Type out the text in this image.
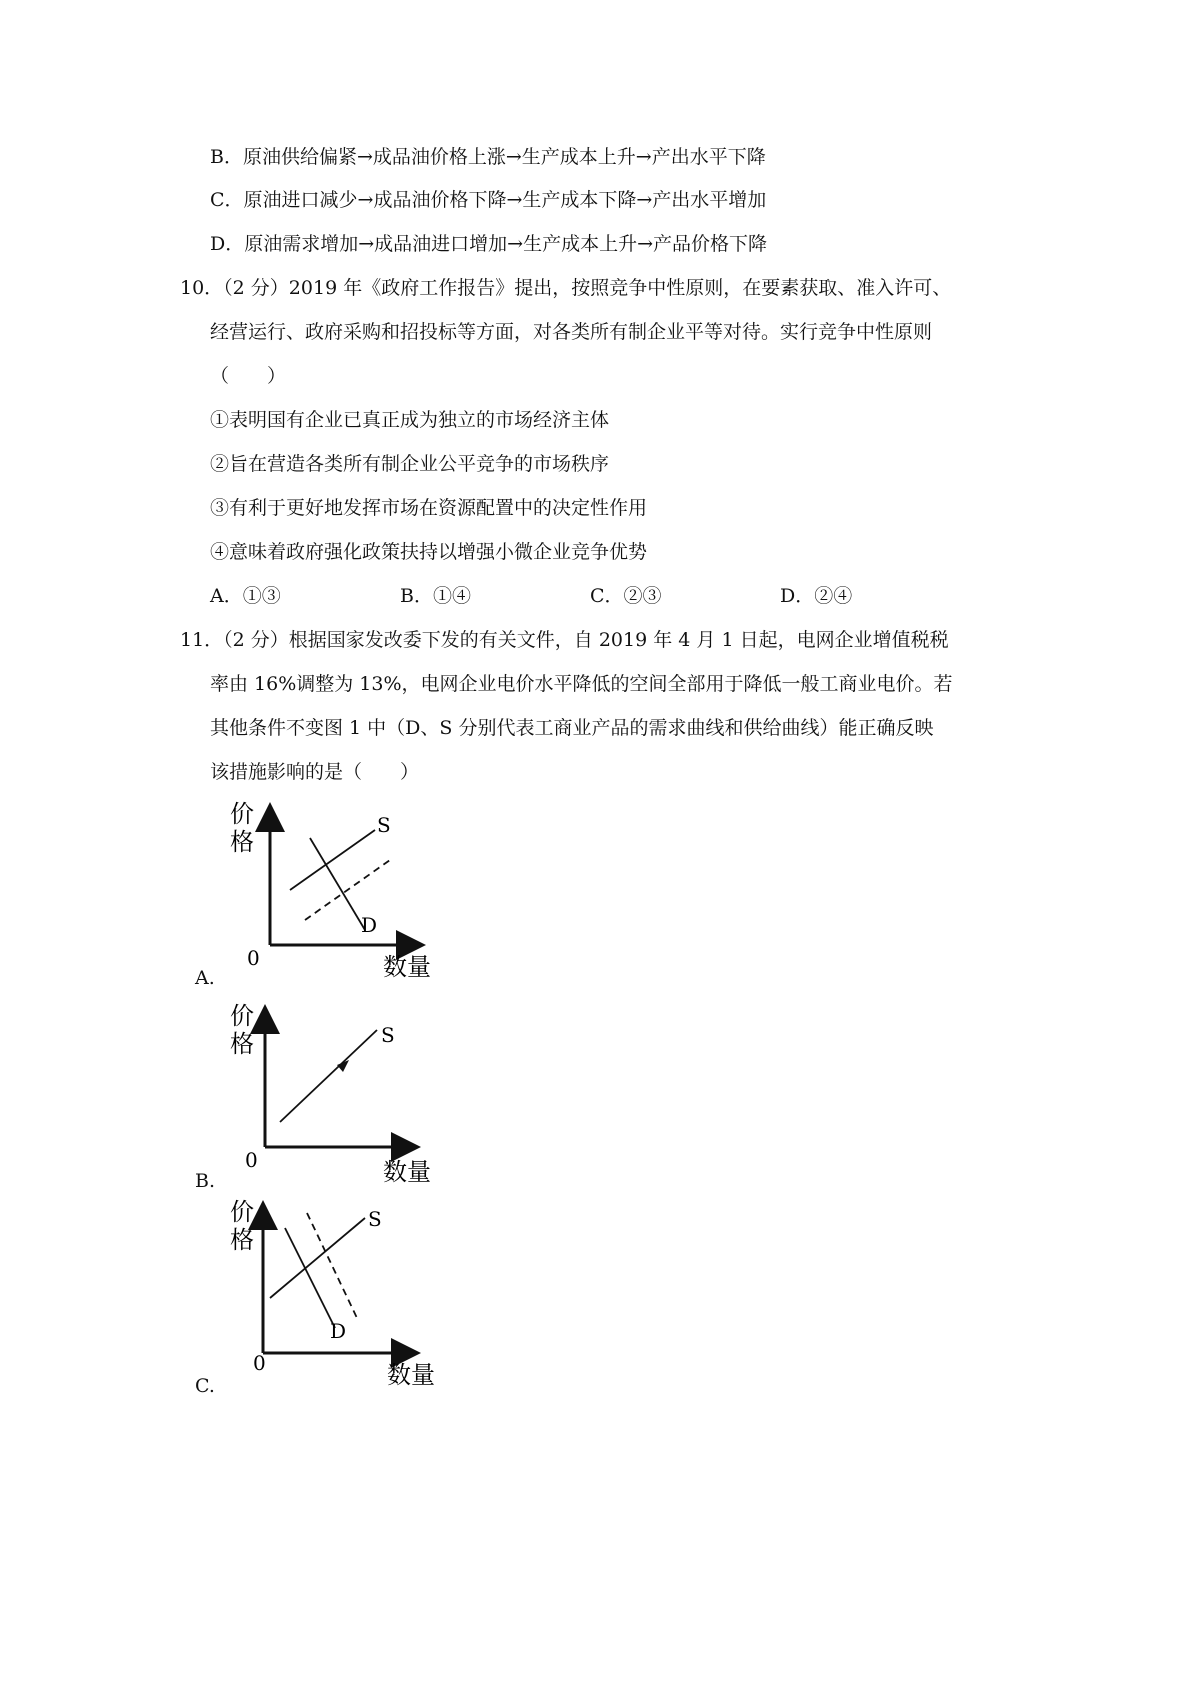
B．原油供给偏紧→成品油价格上涨→生产成本上升→产出水平下降
C．原油进口减少→成品油价格下降→生产成本下降→产出水平增加
D．原油需求增加→成品油进口增加→生产成本上升→产品价格下降
10．（2 分）2019 年《政府工作报告》提出，按照竞争中性原则，在要素获取、准入许可、
经营运行、政府采购和招投标等方面，对各类所有制企业平等对待。实行竞争中性原则
（　　）
①表明国有企业已真正成为独立的市场经济主体
②旨在营造各类所有制企业公平竞争的市场秩序
③有利于更好地发挥市场在资源配置中的决定性作用
④意味着政府强化政策扶持以增强小微企业竞争优势
A．①③	B．①④	C．②③	D．②④
11．（2 分）根据国家发改委下发的有关文件，自 2019 年 4 月 1 日起，电网企业增值税税
率由 16%调整为 13%，电网企业电价水平降低的空间全部用于降低一般工商业电价。若
其他条件不变图 1 中（D、S 分别代表工商业产品的需求曲线和供给曲线）能正确反映
该措施影响的是（　　）
价
格
0	数量
S
D
A.
价
格
0	数量
S
B.
价
格
0	数量
S
D
C.
